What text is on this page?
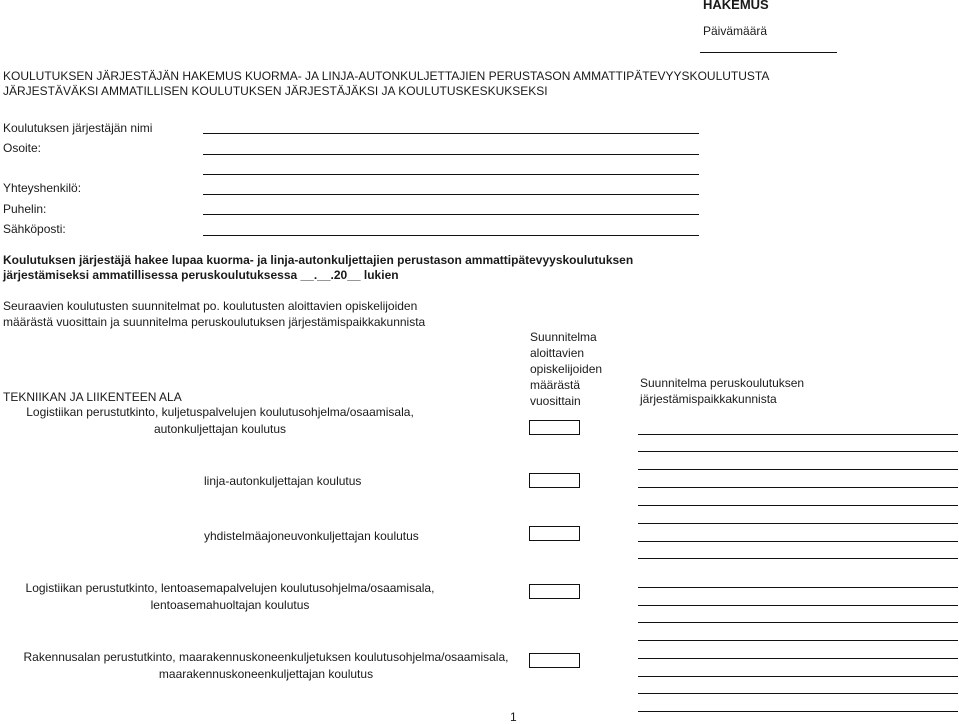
HAKEMUS
Päivämäärä
KOULUTUKSEN JÄRJESTÄJÄN HAKEMUS KUORMA- JA LINJA-AUTONKULJETTAJIEN PERUSTASON AMMATTIPÄTEVYYSKOULUTUSTA
JÄRJESTÄVÄKSI AMMATILLISEN KOULUTUKSEN JÄRJESTÄJÄKSI JA KOULUTUSKESKUKSEKSI
Koulutuksen järjestäjän nimi
Osoite:
Yhteyshenkilö:
Puhelin:
Sähköposti:
Koulutuksen järjestäjä hakee lupaa kuorma- ja linja-autonkuljettajien perustason ammattipätevyyskoulutuksen
järjestämiseksi ammatillisessa peruskoulutuksessa __.__.20__ lukien
Seuraavien koulutusten suunnitelmat po. koulutusten aloittavien opiskelijoiden
määrästä vuosittain ja suunnitelma peruskoulutuksen järjestämispaikkakunnista
Suunnitelma
aloittavien
opiskelijoiden
määrästä
vuosittain
Suunnitelma peruskoulutuksen
järjestämispaikkakunnista
TEKNIIKAN JA LIIKENTEEN ALA
Logistiikan perustutkinto, kuljetuspalvelujen koulutusohjelma/osaamisala,
autonkuljettajan koulutus
linja-autonkuljettajan koulutus
yhdistelmäajoneuvonkuljettajan koulutus
Logistiikan perustutkinto, lentoasemapalvelujen koulutusohjelma/osaamisala,
lentoasemahuoltajan koulutus
Rakennusalan perustutkinto, maarakennuskoneenkuljetuksen koulutusohjelma/osaamisala,
maarakennuskoneenkuljettajan koulutus
1
